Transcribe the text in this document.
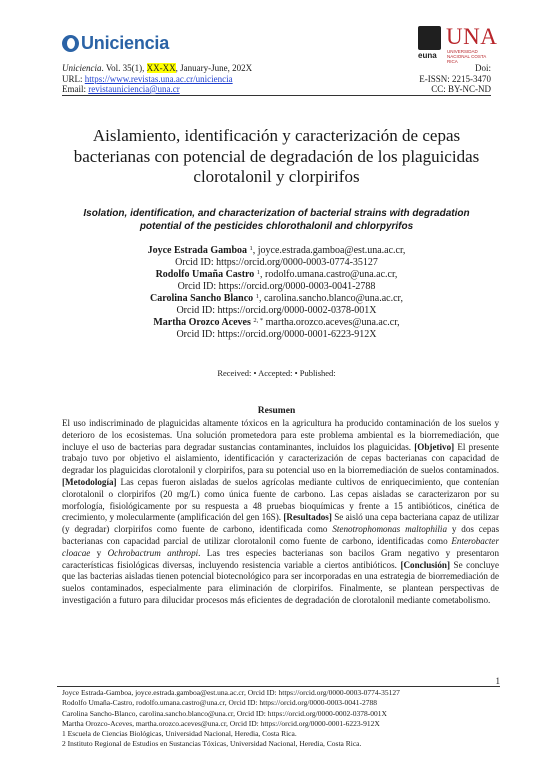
Uniciencia
euna
UNA
UNIVERSIDAD NACIONAL COSTA RICA
Uniciencia. Vol. 35(1), XX-XX, January-June, 202X
URL: https://www.revistas.una.ac.cr/uniciencia
Email: revistauniciencia@una.cr
Doi:
E-ISSN: 2215-3470
CC: BY-NC-ND
Aislamiento, identificación y caracterización de cepas
bacterianas con potencial de degradación de los plaguicidas
clorotalonil y clorpirifos
Isolation, identification, and characterization of bacterial strains with degradation
potential of the pesticides chlorothalonil and chlorpyrifos
Joyce Estrada Gamboa $^1$, joyce.estrada.gamboa@est.una.ac.cr,
Orcid ID: https://orcid.org/0000-0003-0774-35127
Rodolfo Umaña Castro $^1$, rodolfo.umana.castro@una.ac.cr,
Orcid ID: https://orcid.org/0000-0003-0041-2788
Carolina Sancho Blanco $^1$, carolina.sancho.blanco@una.ac.cr,
Orcid ID: https://orcid.org/0000-0002-0378-001X
Martha Orozco Aceves $^{2, *}$ martha.orozco.aceves@una.ac.cr,
Orcid ID: https://orcid.org/0000-0001-6223-912X
Received: • Accepted: • Published:
Resumen

El uso indiscriminado de plaguicidas altamente tóxicos en la agricultura ha producido contaminación de los suelos y deterioro de los ecosistemas. Una solución prometedora para este problema ambiental es la biorremediación, que incluye el uso de bacterias para degradar sustancias contaminantes, incluidos los plaguicidas. [Objetivo] El presente trabajo tuvo por objetivo el aislamiento, identificación y caracterización de cepas bacterianas con capacidad de degradar los plaguicidas clorotalonil y clorpirifos, para su potencial uso en la biorremediación de suelos contaminados. [Metodología] Las cepas fueron aisladas de suelos agrícolas mediante cultivos de enriquecimiento, que contenían clorotalonil o clorpirifos (20 mg/L) como única fuente de carbono. Las cepas aisladas se caracterizaron por su morfología, fisiológicamente por su respuesta a 48 pruebas bioquímicas y frente a 15 antibióticos, cinética de crecimiento, y molecularmente (amplificación del gen 16S). [Resultados] Se aisló una cepa bacteriana capaz de utilizar (y degradar) clorpirifos como fuente de carbono, identificada como Stenotrophomonas maltophilia y dos cepas bacterianas con capacidad parcial de utilizar clorotalonil como fuente de carbono, identificadas como Enterobacter cloacae y Ochrobactrum anthropi. Las tres especies bacterianas son bacilos Gram negativo y presentaron características fisiológicas diversas, incluyendo resistencia variable a ciertos antibióticos. [Conclusión] Se concluye que las bacterias aisladas tienen potencial biotecnológico para ser incorporadas en una estrategia de biorremediación de suelos contaminados, especialmente para eliminación de clorpirifos. Finalmente, se plantean perspectivas de investigación a futuro para dilucidar procesos más eficientes de degradación de clorotalonil mediante cometabolismo.

1
Joyce Estrada-Gamboa, joyce.estrada.gamboa@est.una.ac.cr, Orcid ID: https://orcid.org/0000-0003-0774-35127
Rodolfo Umaña-Castro, rodolfo.umana.castro@una.cr, Orcid ID: https://orcid.org/0000-0003-0041-2788
Carolina Sancho-Blanco, carolina.sancho.blanco@una.cr, Orcid ID: https://orcid.org/0000-0002-0378-001X
Martha Orozco-Aceves, martha.orozco.aceves@una.cr, Orcid ID: https://orcid.org/0000-0001-6223-912X
1 Escuela de Ciencias Biológicas, Universidad Nacional, Heredia, Costa Rica.
2 Instituto Regional de Estudios en Sustancias Tóxicas, Universidad Nacional, Heredia, Costa Rica.
